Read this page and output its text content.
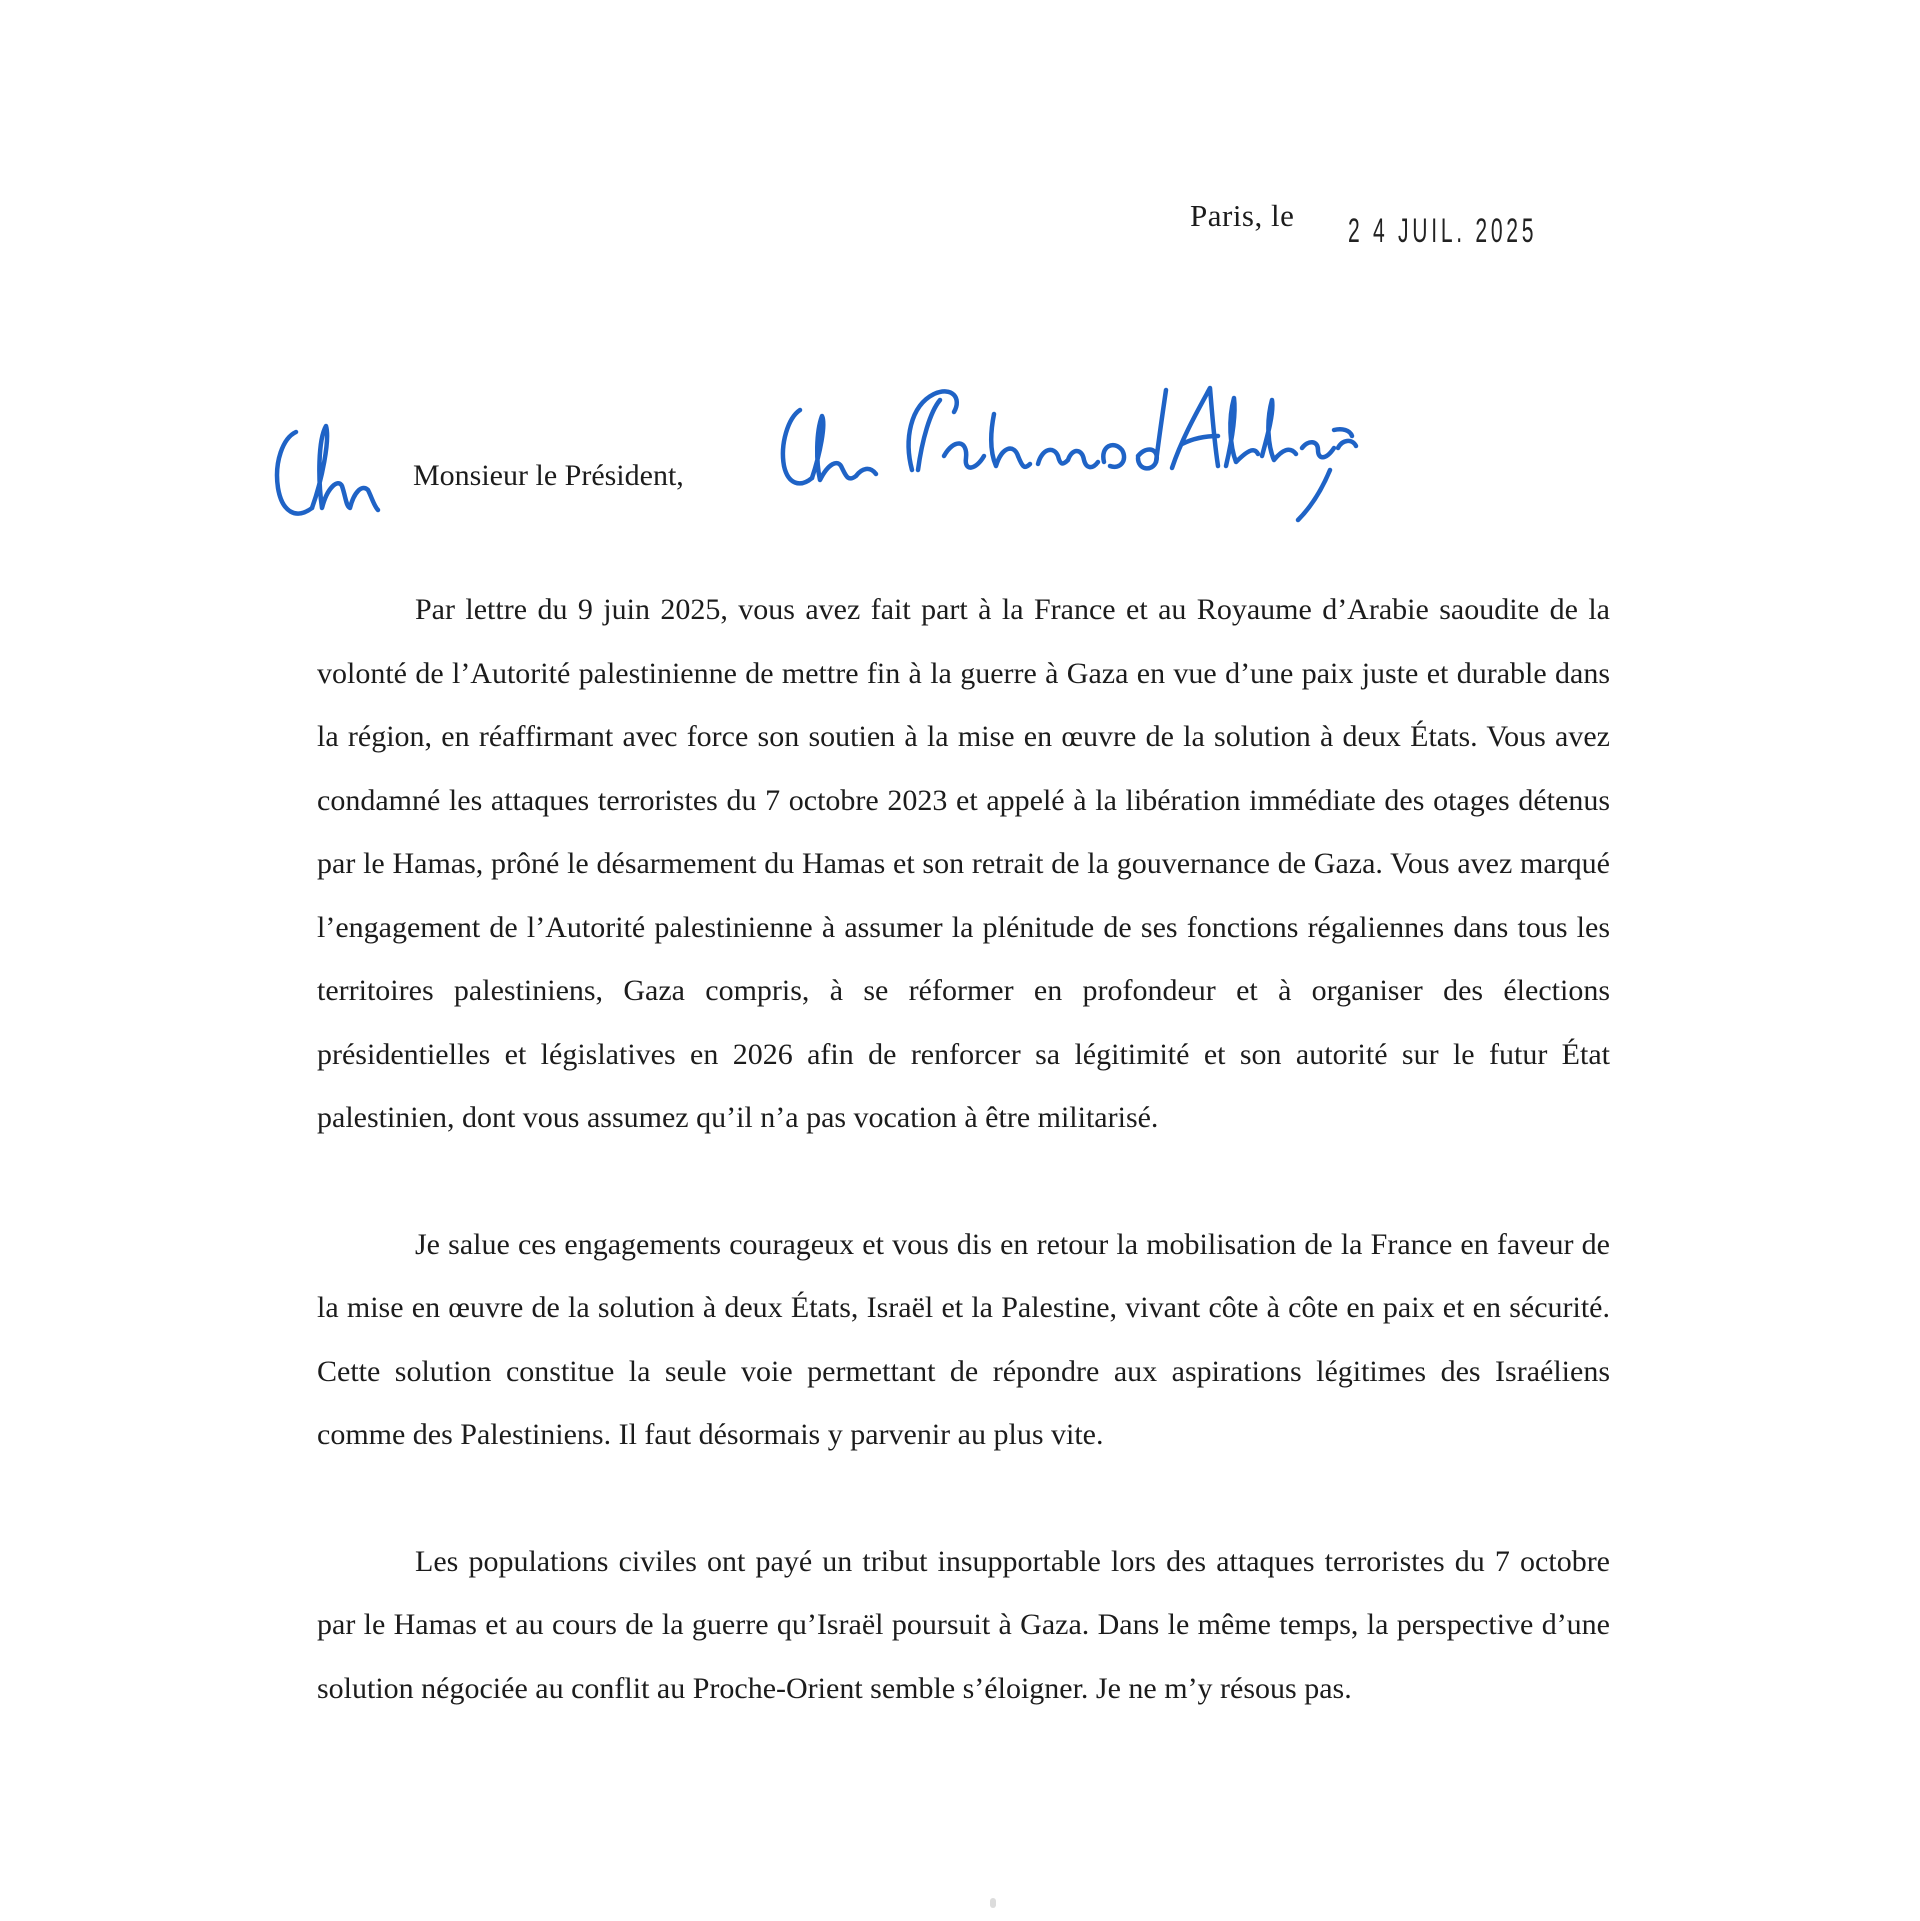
Paris, le 2 4 JUIL. 2025
Monsieur le Président,

Par lettre du 9 juin 2025, vous avez fait part à la France et au Royaume d’Arabie saoudite de la volonté de l’Autorité palestinienne de mettre fin à la guerre à Gaza en vue d’une paix juste et durable dans la région, en réaffirmant avec force son soutien à la mise en œuvre de la solution à deux États. Vous avez condamné les attaques terroristes du 7 octobre 2023 et appelé à la libération immédiate des otages détenus par le Hamas, prôné le désarmement du Hamas et son retrait de la gouvernance de Gaza. Vous avez marqué l’engagement de l’Autorité palestinienne à assumer la plénitude de ses fonctions régaliennes dans tous les territoires palestiniens, Gaza compris, à se réformer en profondeur et à organiser des élections présidentielles et législatives en 2026 afin de renforcer sa légitimité et son autorité sur le futur État palestinien, dont vous assumez qu’il n’a pas vocation à être militarisé.

Je salue ces engagements courageux et vous dis en retour la mobilisation de la France en faveur de la mise en œuvre de la solution à deux États, Israël et la Palestine, vivant côte à côte en paix et en sécurité. Cette solution constitue la seule voie permettant de répondre aux aspirations légitimes des Israéliens comme des Palestiniens. Il faut désormais y parvenir au plus vite.

Les populations civiles ont payé un tribut insupportable lors des attaques terroristes du 7 octobre par le Hamas et au cours de la guerre qu’Israël poursuit à Gaza. Dans le même temps, la perspective d’une solution négociée au conflit au Proche-Orient semble s’éloigner. Je ne m’y résous pas.
